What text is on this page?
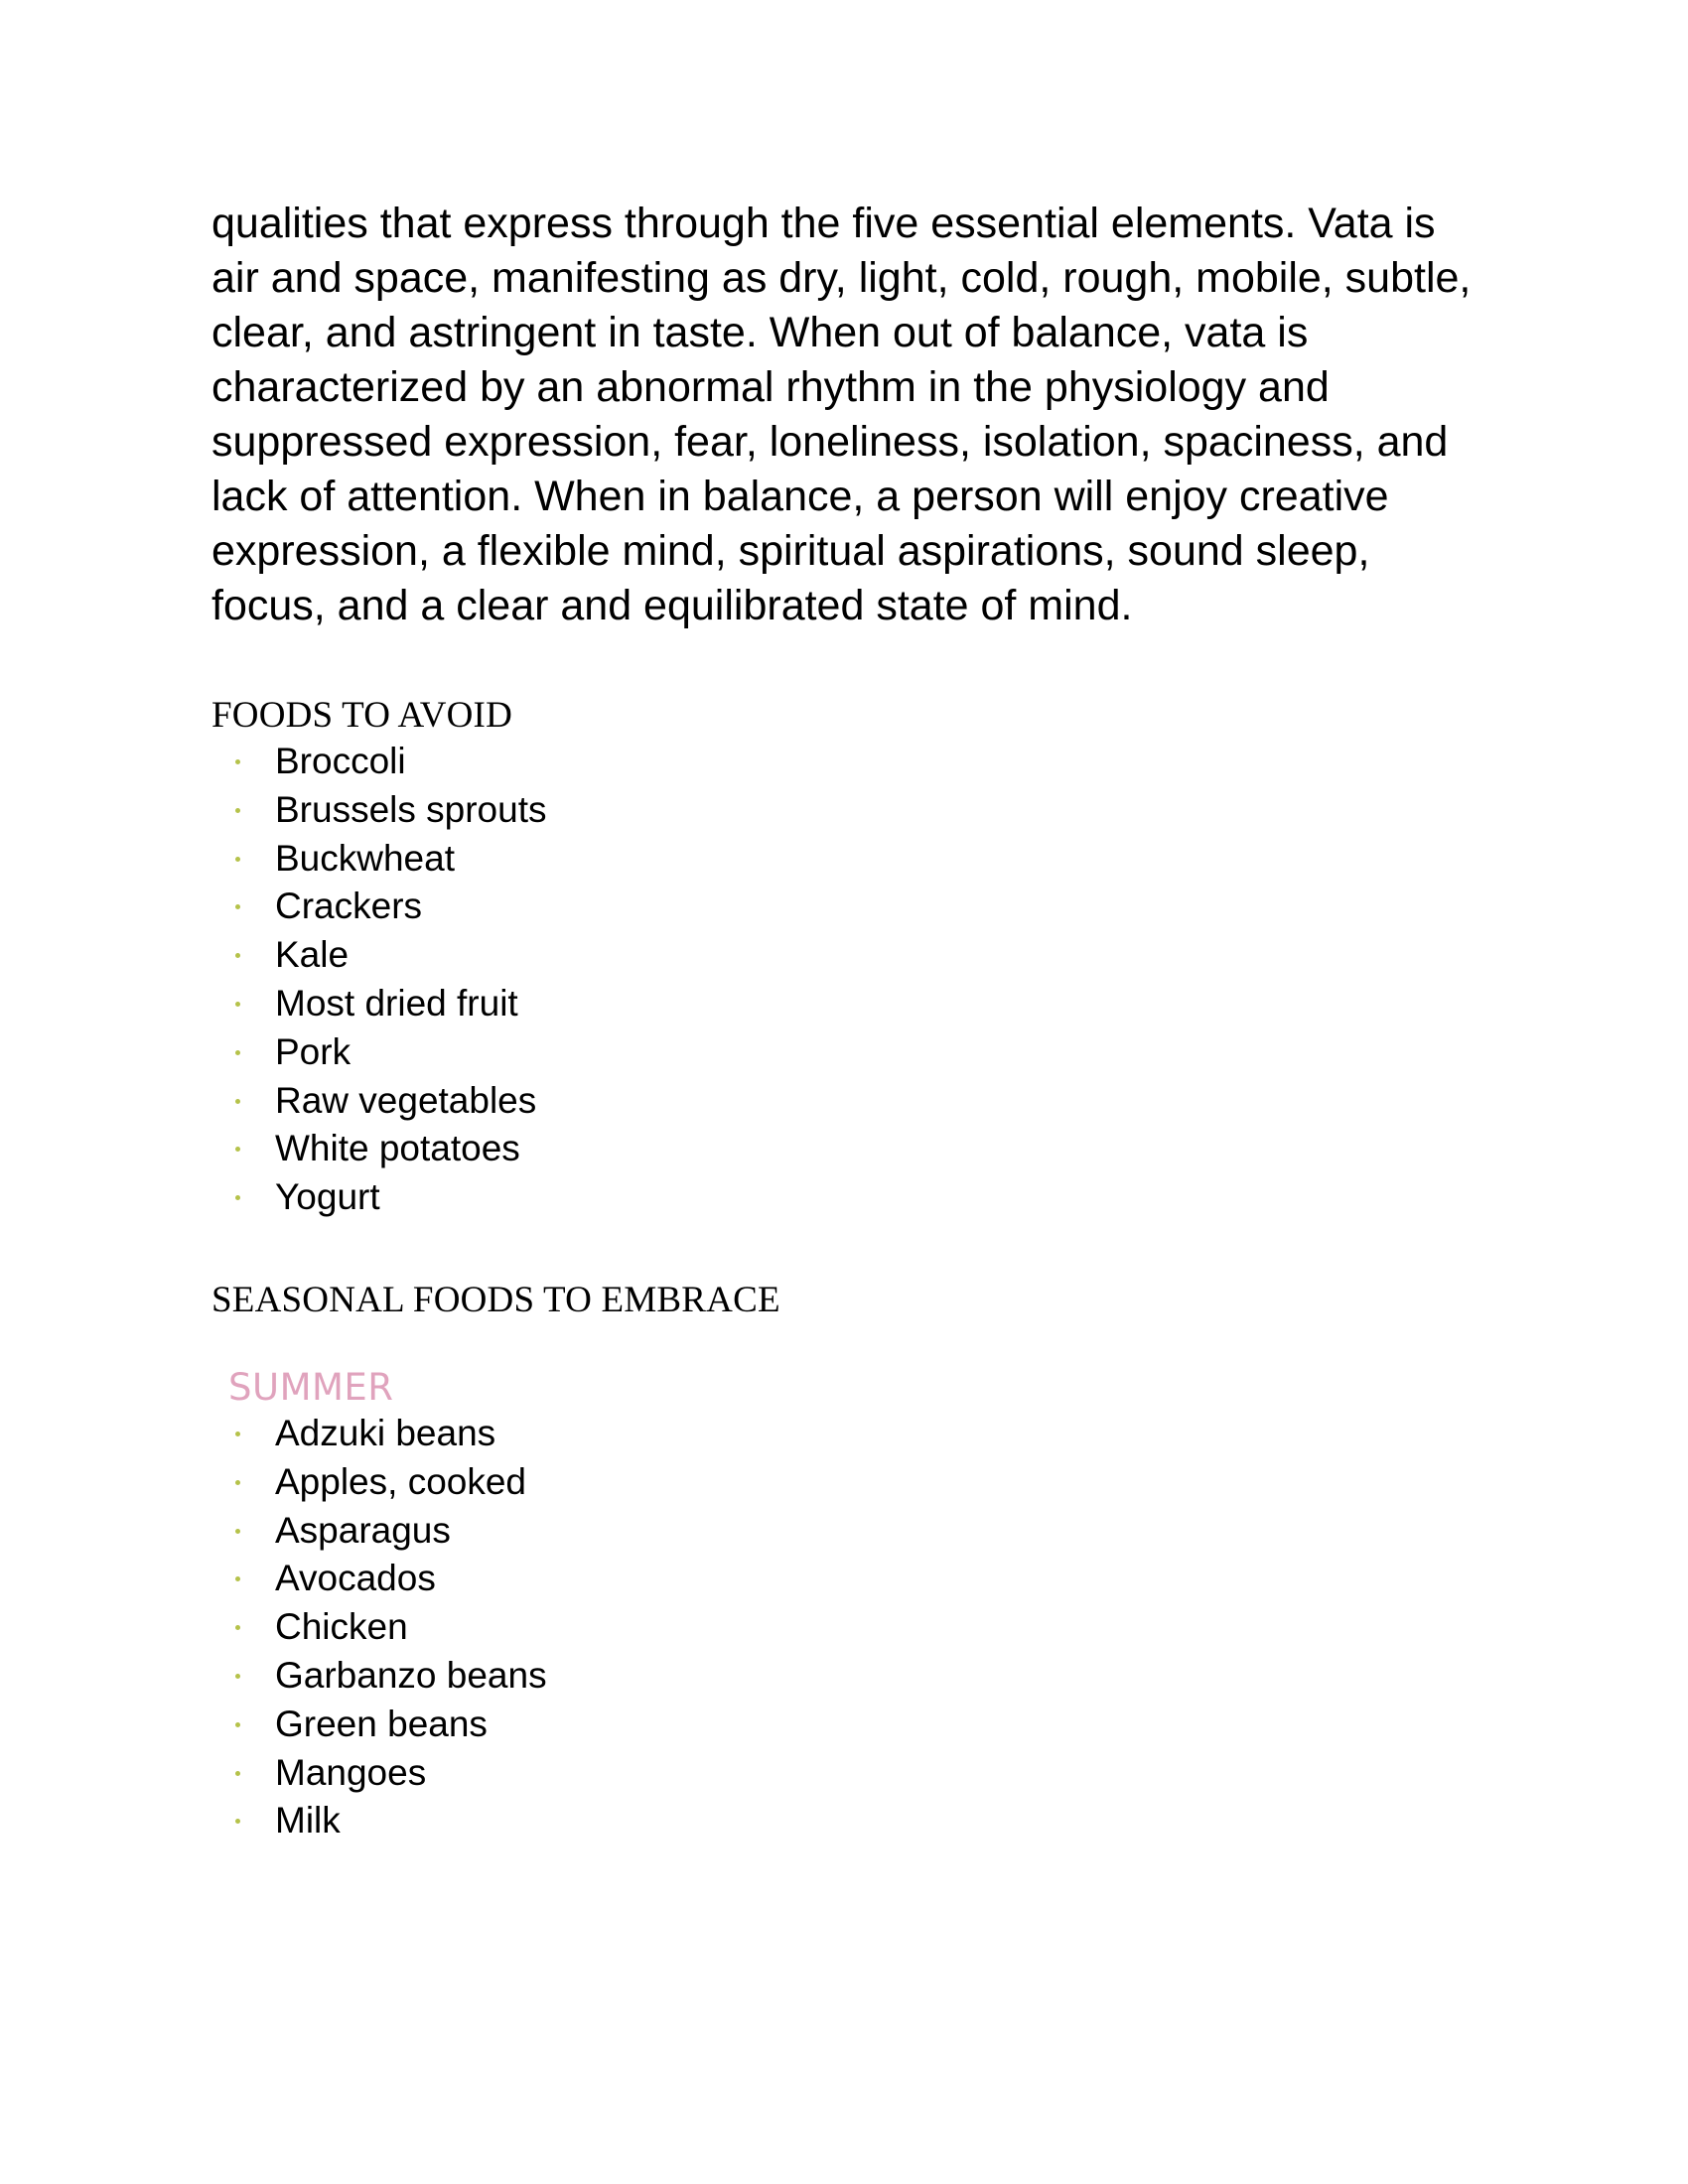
qualities that express through the five essential elements. Vata is air and space, manifesting as dry, light, cold, rough, mobile, subtle, clear, and astringent in taste. When out of balance, vata is characterized by an abnormal rhythm in the physiology and suppressed expression, fear, loneliness, isolation, spaciness, and lack of attention. When in balance, a person will enjoy creative expression, a flexible mind, spiritual aspirations, sound sleep, focus, and a clear and equilibrated state of mind.

FOODS TO AVOID
Broccoli
Brussels sprouts
Buckwheat
Crackers
Kale
Most dried fruit
Pork
Raw vegetables
White potatoes
Yogurt
SEASONAL FOODS TO EMBRACE
SUMMER
Adzuki beans
Apples, cooked
Asparagus
Avocados
Chicken
Garbanzo beans
Green beans
Mangoes
Milk
